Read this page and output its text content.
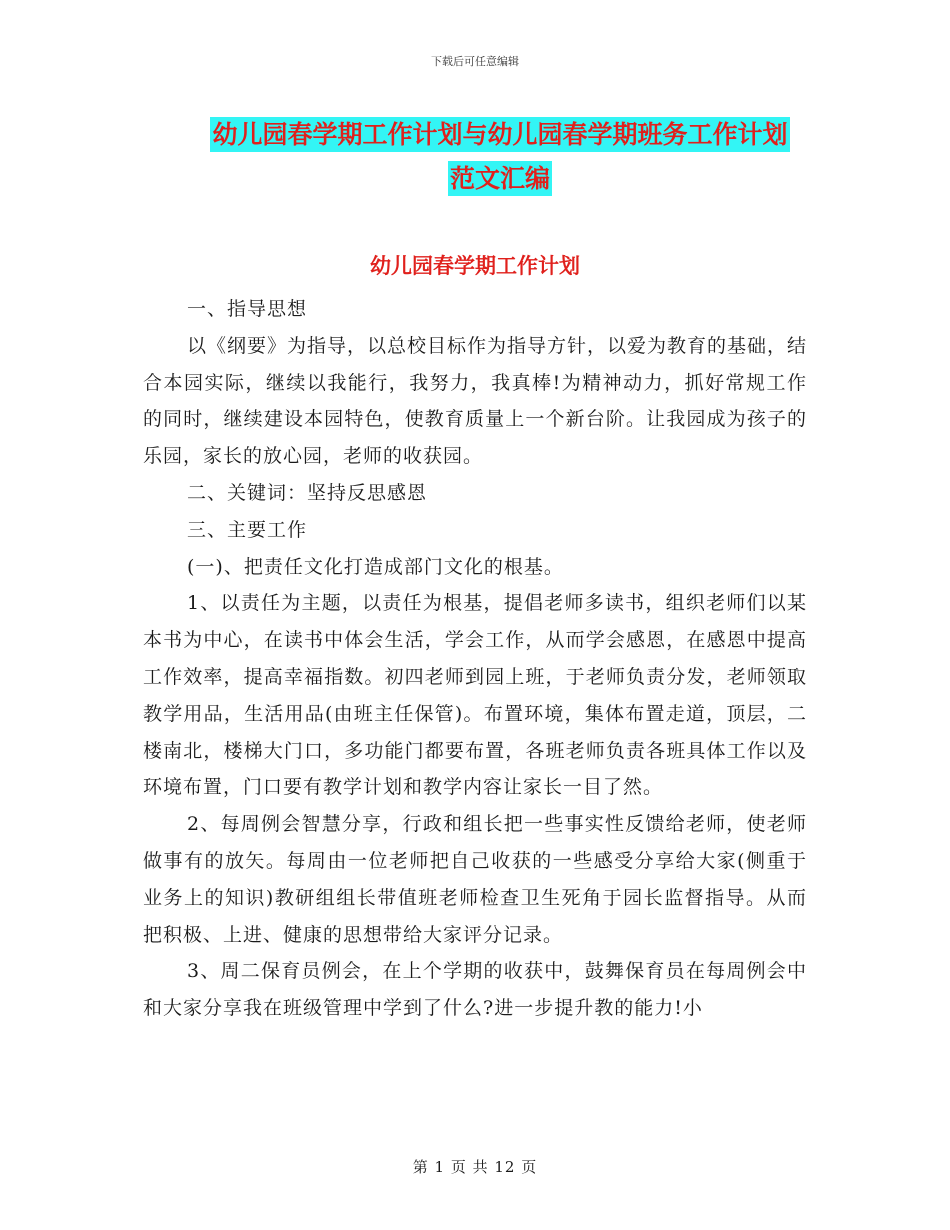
下载后可任意编辑
幼儿园春学期工作计划与幼儿园春学期班务工作计划
范文汇编
幼儿园春学期工作计划

一、指导思想

以《纲要》为指导，以总校目标作为指导方针，以爱为教育的基础，结合本园实际，继续以我能行，我努力，我真棒!为精神动力，抓好常规工作的同时，继续建设本园特色，使教育质量上一个新台阶。让我园成为孩子的乐园，家长的放心园，老师的收获园。

二、关键词：坚持反思感恩

三、主要工作

(一)、把责任文化打造成部门文化的根基。

1、以责任为主题，以责任为根基，提倡老师多读书，组织老师们以某本书为中心，在读书中体会生活，学会工作，从而学会感恩，在感恩中提高工作效率，提高幸福指数。初四老师到园上班，于老师负责分发，老师领取教学用品，生活用品(由班主任保管)。布置环境，集体布置走道，顶层，二楼南北，楼梯大门口，多功能门都要布置，各班老师负责各班具体工作以及环境布置，门口要有教学计划和教学内容让家长一目了然。

2、每周例会智慧分享，行政和组长把一些事实性反馈给老师，使老师做事有的放矢。每周由一位老师把自己收获的一些感受分享给大家(侧重于业务上的知识)教研组组长带值班老师检查卫生死角于园长监督指导。从而把积极、上进、健康的思想带给大家评分记录。

3、周二保育员例会，在上个学期的收获中，鼓舞保育员在每周例会中和大家分享我在班级管理中学到了什么?进一步提升教的能力!小

第 1 页 共 12 页
